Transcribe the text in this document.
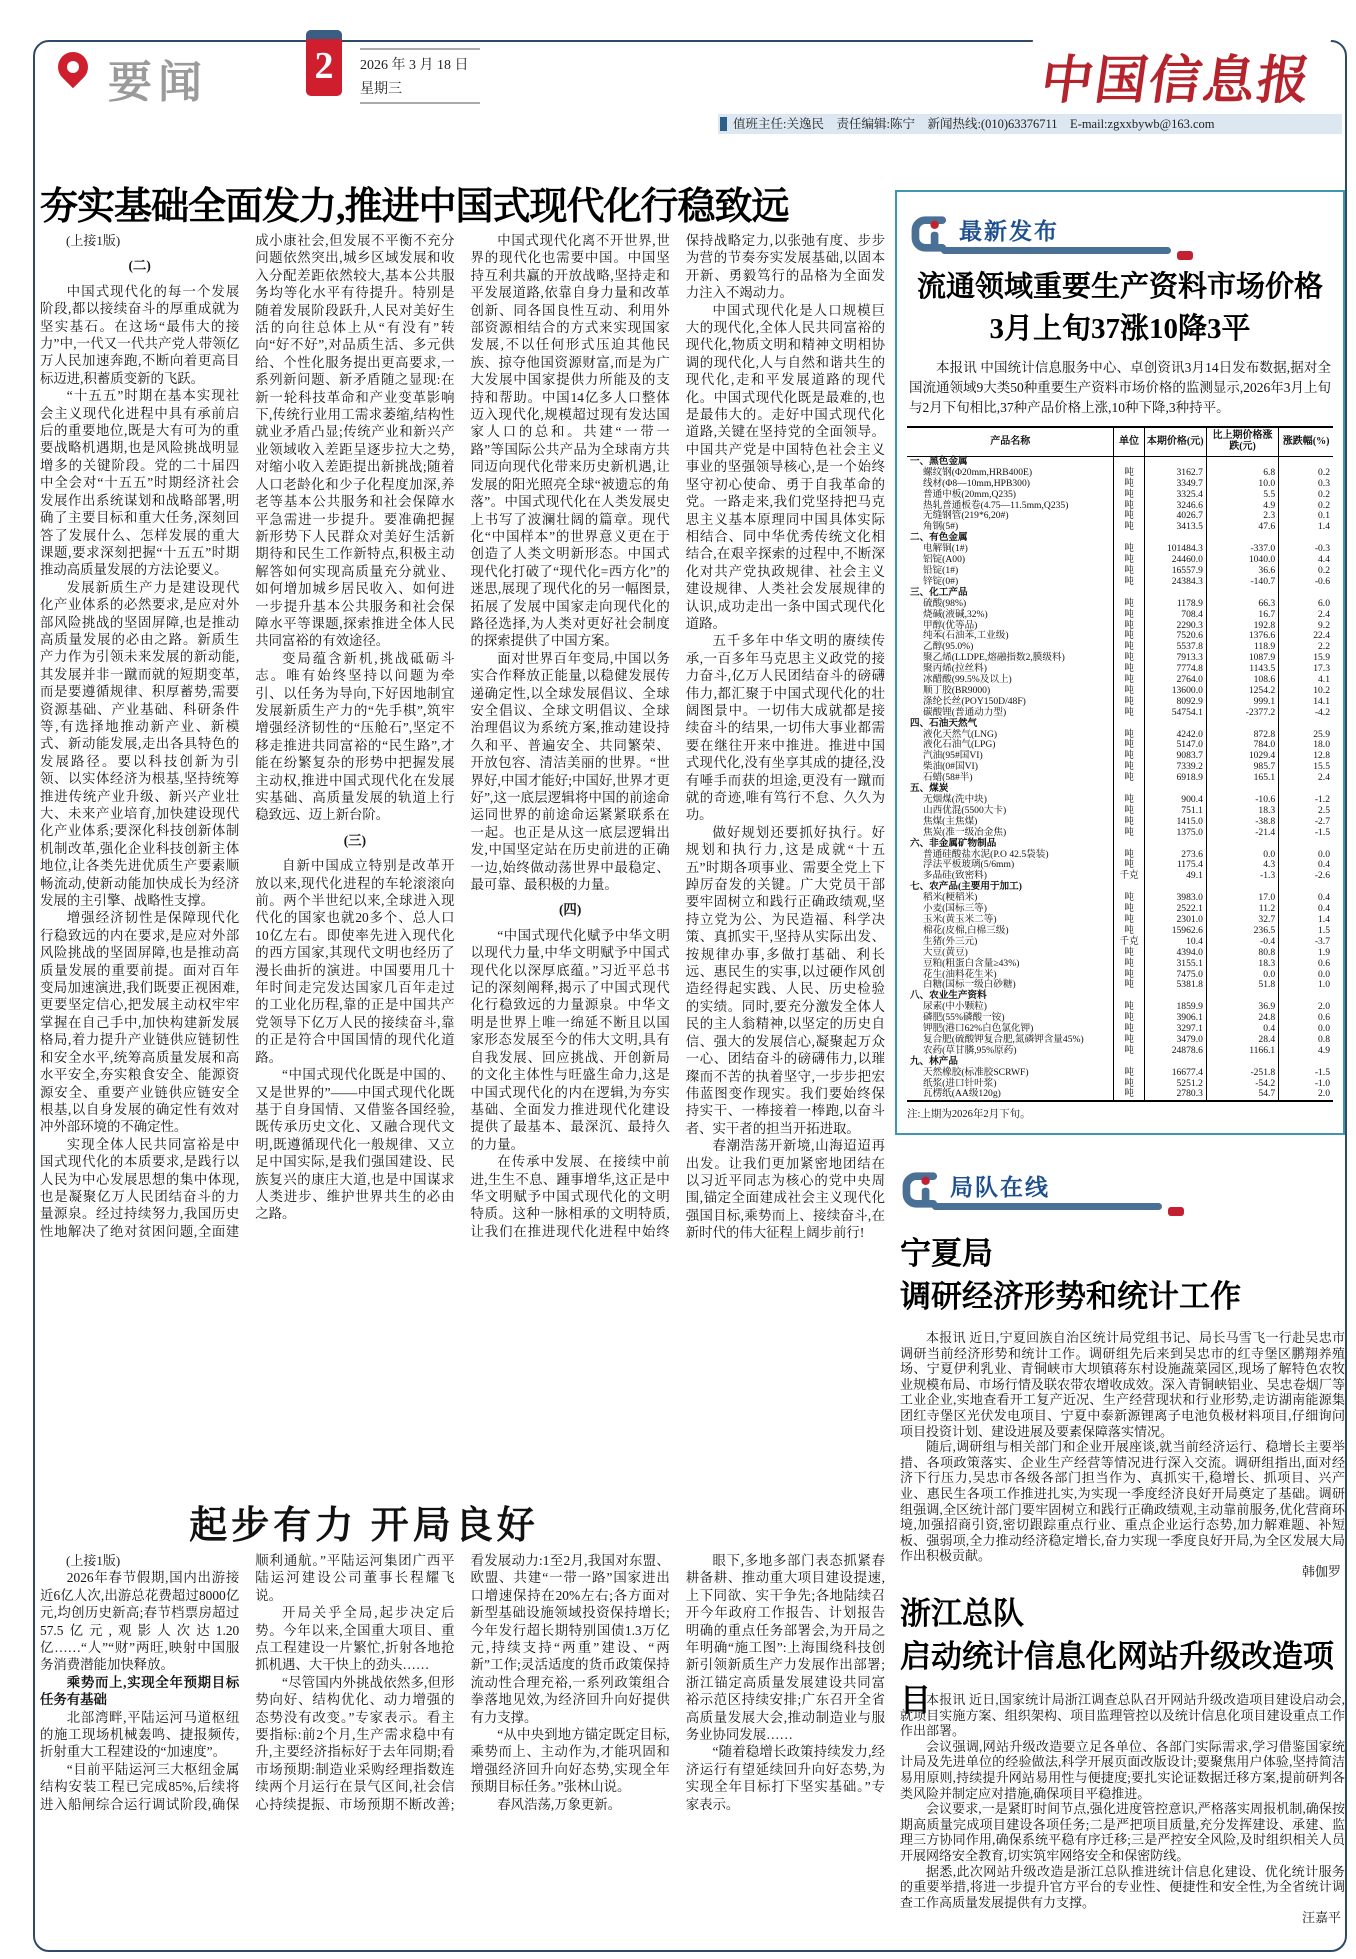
要闻	2	2026 年 3 月 18 日
星期三	中国信息报
值班主任:关逸民　责任编辑:陈宁　新闻热线:(010)63376711　E-mail:zgxxbywb@163.com
夯实基础全面发力,推进中国式现代化行稳致远

(上接1版)

(二)

中国式现代化的每一个发展阶段,都以接续奋斗的厚重成就为坚实基石。在这场“最伟大的接力”中,一代又一代共产党人带领亿万人民加速奔跑,不断向着更高目标迈进,积蓄质变新的飞跃。

“十五五”时期在基本实现社会主义现代化进程中具有承前启后的重要地位,既是大有可为的重要战略机遇期,也是风险挑战明显增多的关键阶段。党的二十届四中全会对“十五五”时期经济社会发展作出系统谋划和战略部署,明确了主要目标和重大任务,深刻回答了发展什么、怎样发展的重大课题,要求深刻把握“十五五”时期推动高质量发展的方法论要义。

发展新质生产力是建设现代化产业体系的必然要求,是应对外部风险挑战的坚固屏障,也是推动高质量发展的必由之路。新质生产力作为引领未来发展的新动能,其发展并非一蹴而就的短期变革,而是要遵循规律、积厚蓄势,需要资源基础、产业基础、科研条件等,有选择地推动新产业、新模式、新动能发展,走出各具特色的发展路径。要以科技创新为引领、以实体经济为根基,坚持统筹推进传统产业升级、新兴产业壮大、未来产业培育,加快建设现代化产业体系;要深化科技创新体制机制改革,强化企业科技创新主体地位,让各类先进优质生产要素顺畅流动,使新动能加快成长为经济发展的主引擎、战略性支撑。

增强经济韧性是保障现代化行稳致远的内在要求,是应对外部风险挑战的坚固屏障,也是推动高质量发展的重要前提。面对百年变局加速演进,我们既要正视困难,更要坚定信心,把发展主动权牢牢掌握在自己手中,加快构建新发展格局,着力提升产业链供应链韧性和安全水平,统筹高质量发展和高水平安全,夯实粮食安全、能源资源安全、重要产业链供应链安全根基,以自身发展的确定性有效对冲外部环境的不确定性。

实现全体人民共同富裕是中国式现代化的本质要求,是践行以人民为中心发展思想的集中体现,也是凝聚亿万人民团结奋斗的力量源泉。经过持续努力,我国历史性地解决了绝对贫困问题,全面建成小康社会,但发展不平衡不充分问题依然突出,城乡区域发展和收入分配差距依然较大,基本公共服务均等化水平有待提升。特别是随着发展阶段跃升,人民对美好生活的向往总体上从“有没有”转向“好不好”,对品质生活、多元供给、个性化服务提出更高要求,一系列新问题、新矛盾随之显现:在新一轮科技革命和产业变革影响下,传统行业用工需求萎缩,结构性就业矛盾凸显;传统产业和新兴产业领域收入差距呈逐步拉大之势,对缩小收入差距提出新挑战;随着人口老龄化和少子化程度加深,养老等基本公共服务和社会保障水平急需进一步提升。要准确把握新形势下人民群众对美好生活新期待和民生工作新特点,积极主动解答如何实现高质量充分就业、如何增加城乡居民收入、如何进一步提升基本公共服务和社会保障水平等课题,探索推进全体人民共同富裕的有效途径。

变局蕴含新机,挑战砥砺斗志。唯有始终坚持以问题为牵引、以任务为导向,下好因地制宜发展新质生产力的“先手棋”,筑牢增强经济韧性的“压舱石”,坚定不移走推进共同富裕的“民生路”,才能在纷繁复杂的形势中把握发展主动权,推进中国式现代化在发展实基础、高质量发展的轨道上行稳致远、迈上新台阶。

(三)

自新中国成立特别是改革开放以来,现代化进程的车轮滚滚向前。两个半世纪以来,全球进入现代化的国家也就20多个、总人口10亿左右。即使率先进入现代化的西方国家,其现代文明也经历了漫长曲折的演进。中国要用几十年时间走完发达国家几百年走过的工业化历程,靠的正是中国共产党领导下亿万人民的接续奋斗,靠的正是符合中国国情的现代化道路。

“中国式现代化既是中国的、又是世界的”——中国式现代化既基于自身国情、又借鉴各国经验,既传承历史文化、又融合现代文明,既遵循现代化一般规律、又立足中国实际,是我们强国建设、民族复兴的康庄大道,也是中国谋求人类进步、维护世界共生的必由之路。

中国式现代化离不开世界,世界的现代化也需要中国。中国坚持互利共赢的开放战略,坚持走和平发展道路,依靠自身力量和改革创新、同各国良性互动、利用外部资源相结合的方式来实现国家发展,不以任何形式压迫其他民族、掠夺他国资源财富,而是为广大发展中国家提供力所能及的支持和帮助。中国14亿多人口整体迈入现代化,规模超过现有发达国家人口的总和。共建“一带一路”等国际公共产品为全球南方共同迈向现代化带来历史新机遇,让发展的阳光照亮全球“被遗忘的角落”。中国式现代化在人类发展史上书写了波澜壮阔的篇章。现代化“中国样本”的世界意义更在于创造了人类文明新形态。中国式现代化打破了“现代化=西方化”的迷思,展现了现代化的另一幅图景,拓展了发展中国家走向现代化的路径选择,为人类对更好社会制度的探索提供了中国方案。

面对世界百年变局,中国以务实合作释放正能量,以稳健发展传递确定性,以全球发展倡议、全球安全倡议、全球文明倡议、全球治理倡议为系统方案,推动建设持久和平、普遍安全、共同繁荣、开放包容、清洁美丽的世界。“世界好,中国才能好;中国好,世界才更好”,这一底层逻辑将中国的前途命运同世界的前途命运紧紧联系在一起。也正是从这一底层逻辑出发,中国坚定站在历史前进的正确一边,始终做动荡世界中最稳定、最可靠、最积极的力量。

(四)

“中国式现代化赋予中华文明以现代力量,中华文明赋予中国式现代化以深厚底蕴。”习近平总书记的深刻阐释,揭示了中国式现代化行稳致远的力量源泉。中华文明是世界上唯一绵延不断且以国家形态发展至今的伟大文明,具有自我发展、回应挑战、开创新局的文化主体性与旺盛生命力,这是中国式现代化的内在逻辑,为夯实基础、全面发力推进现代化建设提供了最基本、最深沉、最持久的力量。

在传承中发展、在接续中前进,生生不息、踵事增华,这正是中华文明赋予中国式现代化的文明特质。这种一脉相承的文明特质,让我们在推进现代化进程中始终保持战略定力,以张弛有度、步步为营的节奏夯实发展基础,以固本开新、勇毅笃行的品格为全面发力注入不竭动力。

中国式现代化是人口规模巨大的现代化,全体人民共同富裕的现代化,物质文明和精神文明相协调的现代化,人与自然和谐共生的现代化,走和平发展道路的现代化。中国式现代化既是最难的,也是最伟大的。走好中国式现代化道路,关键在坚持党的全面领导。中国共产党是中国特色社会主义事业的坚强领导核心,是一个始终坚守初心使命、勇于自我革命的党。一路走来,我们党坚持把马克思主义基本原理同中国具体实际相结合、同中华优秀传统文化相结合,在艰辛探索的过程中,不断深化对共产党执政规律、社会主义建设规律、人类社会发展规律的认识,成功走出一条中国式现代化道路。

五千多年中华文明的赓续传承,一百多年马克思主义政党的接力奋斗,亿万人民团结奋斗的磅礴伟力,都汇聚于中国式现代化的壮阔图景中。一切伟大成就都是接续奋斗的结果,一切伟大事业都需要在继往开来中推进。推进中国式现代化,没有坐享其成的捷径,没有唾手而获的坦途,更没有一蹴而就的奇迹,唯有笃行不怠、久久为功。

做好规划还要抓好执行。好规划和执行力,这是成就“十五五”时期各项事业、需要全党上下踔厉奋发的关键。广大党员干部要牢固树立和践行正确政绩观,坚持立党为公、为民造福、科学决策、真抓实干,坚持从实际出发、按规律办事,多做打基础、利长远、惠民生的实事,以过硬作风创造经得起实践、人民、历史检验的实绩。同时,要充分激发全体人民的主人翁精神,以坚定的历史自信、强大的发展信心,凝聚起万众一心、团结奋斗的磅礴伟力,以璀璨而不苦的执着坚守,一步步把宏伟蓝图变作现实。我们要始终保持实干、一棒接着一棒跑,以奋斗者、实干者的担当开拓进取。

春潮浩荡开新境,山海迢迢再出发。让我们更加紧密地团结在以习近平同志为核心的党中央周围,锚定全面建成社会主义现代化强国目标,乘势而上、接续奋斗,在新时代的伟大征程上阔步前行!

起步有力 开局良好

(上接1版)

2026年春节假期,国内出游接近6亿人次,出游总花费超过8000亿元,均创历史新高;春节档票房超过57.5亿元,观影人次达1.20亿……“人”“财”两旺,映射中国服务消费潜能加快释放。

乘势而上,实现全年预期目标任务有基础

北部湾畔,平陆运河马道枢纽的施工现场机械轰鸣、捷报频传,折射重大工程建设的“加速度”。

“目前平陆运河三大枢纽金属结构安装工程已完成85%,后续将进入船闸综合运行调试阶段,确保顺利通航。”平陆运河集团广西平陆运河建设公司董事长程耀飞说。

开局关乎全局,起步决定后势。今年以来,全国重大项目、重点工程建设一片繁忙,折射各地抢抓机遇、大干快上的劲头……

“尽管国内外挑战依然多,但形势向好、结构优化、动力增强的态势没有改变。”专家表示。看主要指标:前2个月,生产需求稳中有升,主要经济指标好于去年同期;看市场预期:制造业采购经理指数连续两个月运行在景气区间,社会信心持续提振、市场预期不断改善;看发展动力:1至2月,我国对东盟、欧盟、共建“一带一路”国家进出口增速保持在20%左右;各方面对新型基础设施领域投资保持增长;今年发行超长期特别国债1.3万亿元,持续支持“两重”建设、“两新”工作;灵活适度的货币政策保持流动性合理充裕,一系列政策组合拳落地见效,为经济回升向好提供有力支撑。

“从中央到地方锚定既定目标,乘势而上、主动作为,才能巩固和增强经济回升向好态势,实现全年预期目标任务。”张林山说。

春风浩荡,万象更新。

眼下,多地多部门表态抓紧春耕备耕、推动重大项目建设提速,上下同欲、实干争先;各地陆续召开今年政府工作报告、计划报告明确的重点任务部署会,为开局之年明确“施工图”:上海围绕科技创新引领新质生产力发展作出部署;浙江锚定高质量发展建设共同富裕示范区持续安排;广东召开全省高质量发展大会,推动制造业与服务业协同发展……

“随着稳增长政策持续发力,经济运行有望延续回升向好态势,为实现全年目标打下坚实基础。”专家表示。

最新发布
流通领域重要生产资料市场价格
3月上旬37涨10降3平
本报讯 中国统计信息服务中心、卓创资讯3月14日发布数据,据对全国流通领域9大类50种重要生产资料市场价格的监测显示,2026年3月上旬与2月下旬相比,37种产品价格上涨,10种下降,3种持平。
产品名称	单位	本期价格(元)	比上期价格涨跌(元)	涨跌幅(%)
一、黑色金属				
螺纹钢(Φ20mm,HRB400E)	吨	3162.7	6.8	0.2
线材(Φ8—10mm,HPB300)	吨	3349.7	10.0	0.3
普通中板(20mm,Q235)	吨	3325.4	5.5	0.2
热轧普通板卷(4.75—11.5mm,Q235)	吨	3246.6	4.9	0.2
无缝钢管(219*6,20#)	吨	4026.7	2.3	0.1
角钢(5#)	吨	3413.5	47.6	1.4
二、有色金属				
电解铜(1#)	吨	101484.3	-337.0	-0.3
铝锭(A00)	吨	24460.0	1040.0	4.4
铅锭(1#)	吨	16557.9	36.6	0.2
锌锭(0#)	吨	24384.3	-140.7	-0.6
三、化工产品				
硫酸(98%)	吨	1178.9	66.3	6.0
烧碱(液碱,32%)	吨	708.4	16.7	2.4
甲醇(优等品)	吨	2290.3	192.8	9.2
纯苯(石油苯,工业级)	吨	7520.6	1376.6	22.4
乙醇(95.0%)	吨	5537.8	118.9	2.2
聚乙烯(LLDPE,熔融指数2,膜级料)	吨	7913.3	1087.9	15.9
聚丙烯(拉丝料)	吨	7774.8	1143.5	17.3
冰醋酸(99.5%及以上)	吨	2764.0	108.6	4.1
顺丁胶(BR9000)	吨	13600.0	1254.2	10.2
涤纶长丝(POY150D/48F)	吨	8092.9	999.1	14.1
碳酸锂(普通动力型)	吨	54754.1	-2377.2	-4.2
四、石油天然气				
液化天然气(LNG)	吨	4242.0	872.8	25.9
液化石油气(LPG)	吨	5147.0	784.0	18.0
汽油(95#国VI)	吨	9083.7	1029.4	12.8
柴油(0#国VI)	吨	7339.2	985.7	15.5
石蜡(58#半)	吨	6918.9	165.1	2.4
五、煤炭				
无烟煤(洗中块)	吨	900.4	-10.6	-1.2
山西优混(5500大卡)	吨	751.1	18.3	2.5
焦煤(主焦煤)	吨	1415.0	-38.8	-2.7
焦炭(准一级冶金焦)	吨	1375.0	-21.4	-1.5
六、非金属矿物制品				
普通硅酸盐水泥(P.O 42.5袋装)	吨	273.6	0.0	0.0
浮法平板玻璃(5/6mm)	吨	1175.4	4.3	0.4
多晶硅(致密料)	千克	49.1	-1.3	-2.6
七、农产品(主要用于加工)				
稻米(粳稻米)	吨	3983.0	17.0	0.4
小麦(国标三等)	吨	2522.1	11.2	0.4
玉米(黄玉米二等)	吨	2301.0	32.7	1.4
棉花(皮棉,白棉三级)	吨	15962.6	236.5	1.5
生猪(外三元)	千克	10.4	-0.4	-3.7
大豆(黄豆)	吨	4394.0	80.8	1.9
豆粕(粗蛋白含量≥43%)	吨	3155.1	18.3	0.6
花生(油料花生米)	吨	7475.0	0.0	0.0
白糖(国标一级白砂糖)	吨	5381.8	51.8	1.0
八、农业生产资料				
尿素(中小颗粒)	吨	1859.9	36.9	2.0
磷肥(55%磷酸一铵)	吨	3906.1	24.8	0.6
钾肥(港口62%白色氯化钾)	吨	3297.1	0.4	0.0
复合肥(硫酸钾复合肥,氮磷钾含量45%)	吨	3479.0	28.4	0.8
农药(草甘膦,95%原药)	吨	24878.6	1166.1	4.9
九、林产品				
天然橡胶(标准胶SCRWF)	吨	16677.4	-251.8	-1.5
纸浆(进口针叶浆)	吨	5251.2	-54.2	-1.0
瓦楞纸(AA级120g)	吨	2780.3	54.7	2.0
注:上期为2026年2月下旬。
局队在线
宁夏局
调研经济形势和统计工作

本报讯 近日,宁夏回族自治区统计局党组书记、局长马雪飞一行赴吴忠市调研当前经济形势和统计工作。调研组先后来到吴忠市的红寺堡区鹏翔养殖场、宁夏伊利乳业、青铜峡市大坝镇蒋东村设施蔬菜园区,现场了解特色农牧业规模布局、市场行情及联农带农增收成效。深入青铜峡铝业、吴忠卷烟厂等工业企业,实地查看开工复产近况、生产经营现状和行业形势,走访湖南能源集团红寺堡区光伏发电项目、宁夏中泰新源锂离子电池负极材料项目,仔细询问项目投资计划、建设进展及要素保障落实情况。

随后,调研组与相关部门和企业开展座谈,就当前经济运行、稳增长主要举措、各项政策落实、企业生产经营等情况进行深入交流。调研组指出,面对经济下行压力,吴忠市各级各部门担当作为、真抓实干,稳增长、抓项目、兴产业、惠民生各项工作推进扎实,为实现一季度经济良好开局奠定了基础。调研组强调,全区统计部门要牢固树立和践行正确政绩观,主动靠前服务,优化营商环境,加强招商引资,密切跟踪重点行业、重点企业运行态势,加力解难题、补短板、强弱项,全力推动经济稳定增长,奋力实现一季度良好开局,为全区发展大局作出积极贡献。

韩伽罗

浙江总队
启动统计信息化网站升级改造项目

本报讯 近日,国家统计局浙江调查总队召开网站升级改造项目建设启动会,就项目实施方案、组织架构、项目监理管控以及统计信息化项目建设重点工作作出部署。

会议强调,网站升级改造要立足各单位、各部门实际需求,学习借鉴国家统计局及先进单位的经验做法,科学开展页面改版设计;要聚焦用户体验,坚持简洁易用原则,持续提升网站易用性与便捷度;要扎实论证数据迁移方案,提前研判各类风险并制定应对措施,确保项目平稳推进。

会议要求,一是紧盯时间节点,强化进度管控意识,严格落实周报机制,确保按期高质量完成项目建设各项任务;二是严把项目质量,充分发挥建设、承建、监理三方协同作用,确保系统平稳有序迁移;三是严控安全风险,及时组织相关人员开展网络安全教育,切实筑牢网络安全和保密防线。

据悉,此次网站升级改造是浙江总队推进统计信息化建设、优化统计服务的重要举措,将进一步提升官方平台的专业性、便捷性和安全性,为全省统计调查工作高质量发展提供有力支撑。

汪嘉平
